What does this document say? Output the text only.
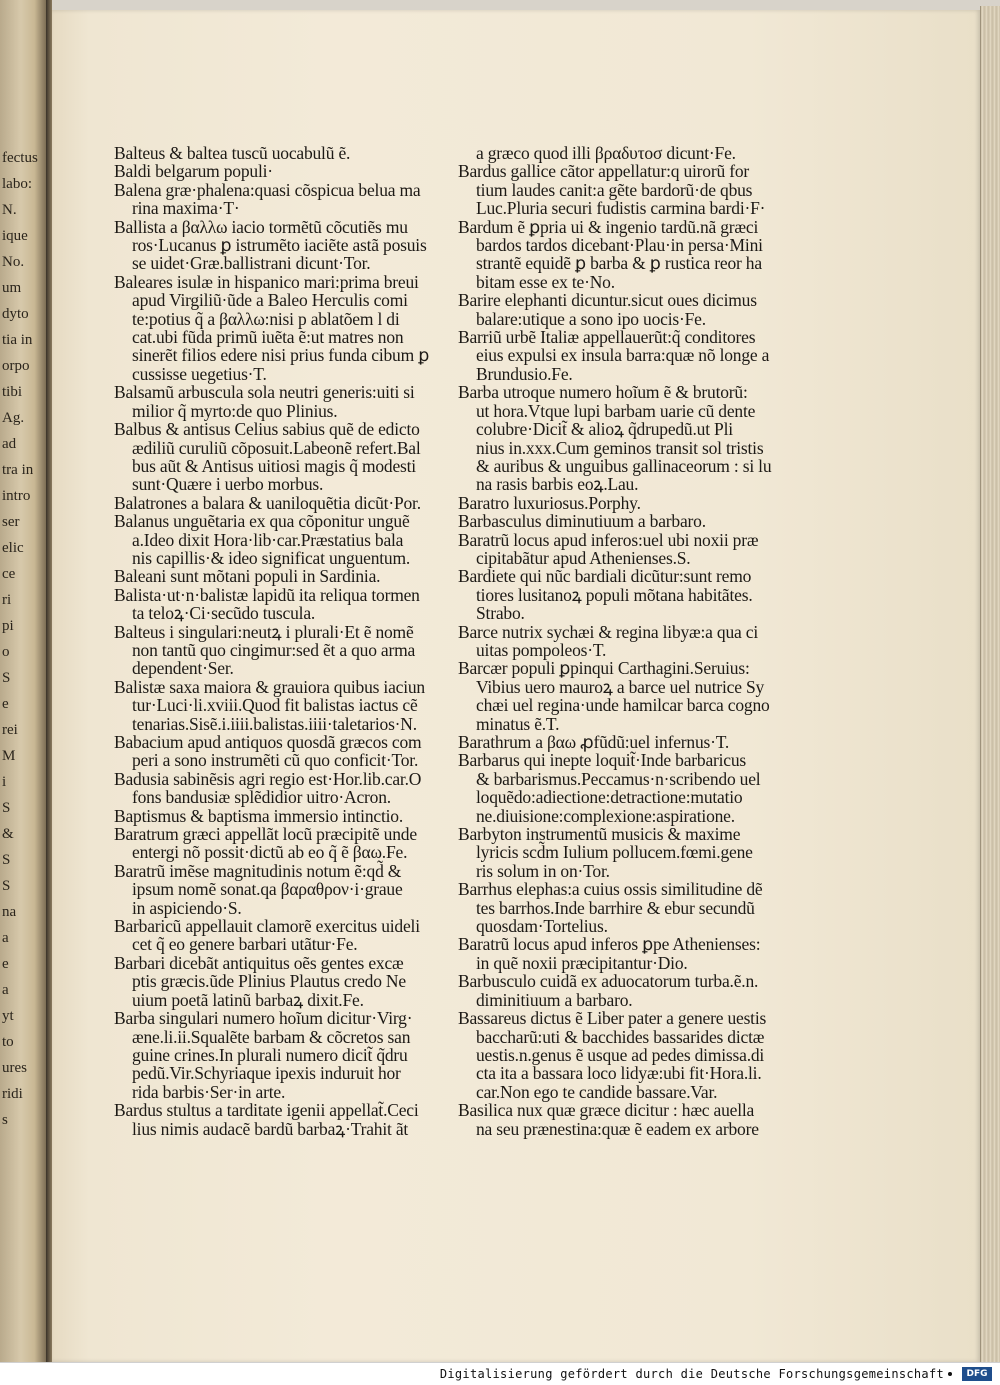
fectus
labo:
N.
ique
No.
um
dyto
tia in
orpo
tibi
Ag.
ad
tra in
intro
ser
elic
ce
ri
pi
o
S
e
rei
M
i
S
&
S
S
na
a
e
a
yt
to
ures
ridi
s
Balteus & baltea tuscũ uocabulũ ẽ.
Baldi belgarum populi·
Balena græ·phalena:quasi cõspicua belua ma
rina maxima·T·
Ballista a βαλλω iacio tormẽtũ cõcutiẽs mu
ros·Lucanus ꝑ istrumẽto iaciẽte astã posuis
se uidet·Græ.ballistrani dicunt·Tor.
Baleares isulæ in hispanico mari:prima breui
apud Virgiliũ·ũde a Baleo Herculis comi
te:potius q̃ a βαλλω:nisi p ablatõem l di
cat.ubi fũda primũ iuẽta ẽ:ut matres non
sinerẽt filios edere nisi prius funda cibum ꝑ
cussisse uegetius·T.
Balsamũ arbuscula sola neutri generis:uiti si
milior q̃ myrto:de quo Plinius.
Balbus & antisus Celius sabius quẽ de edicto
ædiliũ curuliũ cõposuit.Labeonẽ refert.Bal
bus aũt & Antisus uitiosi magis q̃ modesti
sunt·Quære i uerbo morbus.
Balatrones a balara & uaniloquẽtia dicũt·Por.
Balanus unguẽtaria ex qua cõponitur unguẽ
a.Ideo dixit Hora·lib·car.Præstatius bala
nis capillis·& ideo significat unguentum.
Baleani sunt mõtani populi in Sardinia.
Balista·ut·n·balistæ lapidũ ita reliqua tormen
ta teloꝝ·Ci·secũdo tuscula.
Balteus i singulari:neutꝝ i plurali·Et ẽ nomẽ
non tantũ quo cingimur:sed ẽt a quo arma
dependent·Ser.
Balistæ saxa maiora & grauiora quibus iaciun
tur·Luci·li.xviii.Quod fit balistas iactus cẽ
tenarias.Sisẽ.i.iiii.balistas.iiii·taletarios·N.
Babacium apud antiquos quosdã græcos com
peri a sono instrumẽti cũ quo conficit·Tor.
Badusia sabinẽsis agri regio est·Hor.lib.car.O
fons bandusiæ splẽdidior uitro·Acron.
Baptismus & baptisma immersio intinctio.
Baratrum græci appellãt locũ præcipitẽ unde
entergi nõ possit·dictũ ab eo q̃ ẽ βαω.Fe.
Baratrũ imẽse magnitudinis notum ẽ:qd̃ &
ipsum nomẽ sonat.qa βαραθρον·i·graue
in aspiciendo·S.
Barbaricũ appellauit clamorẽ exercitus uideli
cet q̃ eo genere barbari utãtur·Fe.
Barbari dicebãt antiquitus oẽs gentes excæ
ptis græcis.ũde Plinius Plautus credo Ne
uium poetã latinũ barbaꝝ dixit.Fe.
Barba singulari numero hoĩum dicitur·Virg·
æne.li.ii.Squalẽte barbam & cõcretos san
guine crines.In plurali numero dicit̃ q̃dru
pedũ.Vir.Schyriaque ipexis induruit hor
rida barbis·Ser·in arte.
Bardus stultus a tarditate igenii appellat̃.Ceci
lius nimis audacẽ bardũ barbaꝝ·Trahit ãt
a græco quod illi βραδυτοσ dicunt·Fe.
Bardus gallice cãtor appellatur:q uirorũ for
tium laudes canit:a gẽte bardorũ·de qbus
Luc.Pluria securi fudistis carmina bardi·F·
Bardum ẽ ꝑpria ui & ingenio tardũ.nã græci
bardos tardos dicebant·Plau·in persa·Mini
strantẽ equidẽ ꝑ barba & ꝑ rustica reor ha
bitam esse ex te·No.
Barire elephanti dicuntur.sicut oues dicimus
balare:utique a sono ipo uocis·Fe.
Barriũ urbẽ Italiæ appellauerũt:q̃ conditores
eius expulsi ex insula barra:quæ nõ longe a
Brundusio.Fe.
Barba utroque numero hoĩum ẽ & brutorũ:
ut hora.Vtque lupi barbam uarie cũ dente
colubre·Dicit̃ & alioꝝ q̃drupedũ.ut Pli
nius in.xxx.Cum geminos transit sol tristis
& auribus & unguibus gallinaceorum : si lu
na rasis barbis eoꝝ.Lau.
Baratro luxuriosus.Porphy.
Barbasculus diminutiuum a barbaro.
Baratrũ locus apud inferos:uel ubi noxii præ
cipitabãtur apud Athenienses.S.
Bardiete qui nũc bardiali dicũtur:sunt remo
tiores lusitanoꝝ populi mõtana habitãtes.
Strabo.
Barce nutrix sychæi & regina libyæ:a qua ci
uitas pompoleos·T.
Barcær populi ꝑpinqui Carthagini.Seruius:
Vibius uero mauroꝝ a barce uel nutrice Sy
chæi uel regina·unde hamilcar barca cogno
minatus ẽ.T.
Barathrum a βαω ꝓfũdũ:uel infernus·T.
Barbarus qui inepte loquit̃·Inde barbaricus
& barbarismus.Peccamus·n·scribendo uel
loquẽdo:adiectione:detractione:mutatio
ne.diuisione:complexione:aspiratione.
Barbyton instrumentũ musicis & maxime
lyricis scd̃m Iulium pollucem.fœmi.gene
ris solum in on·Tor.
Barrhus elephas:a cuius ossis similitudine dẽ
tes barrhos.Inde barrhire & ebur secundũ
quosdam·Tortelius.
Baratrũ locus apud inferos ꝑpe Athenienses:
in quẽ noxii præcipitantur·Dio.
Barbusculo cuidã ex aduocatorum turba.ẽ.n.
diminitiuum a barbaro.
Bassareus dictus ẽ Liber pater a genere uestis
baccharũ:uti & bacchides bassarides dictæ
uestis.n.genus ẽ usque ad pedes dimissa.di
cta ita a bassara loco lidyæ:ubi fit·Hora.li.
car.Non ego te candide bassare.Var.
Basilica nux quæ græce dicitur : hæc auella
na seu prænestina:quæ ẽ eadem ex arbore
Digitalisierung gefördert durch die Deutsche Forschungsgemeinschaft	DFG
